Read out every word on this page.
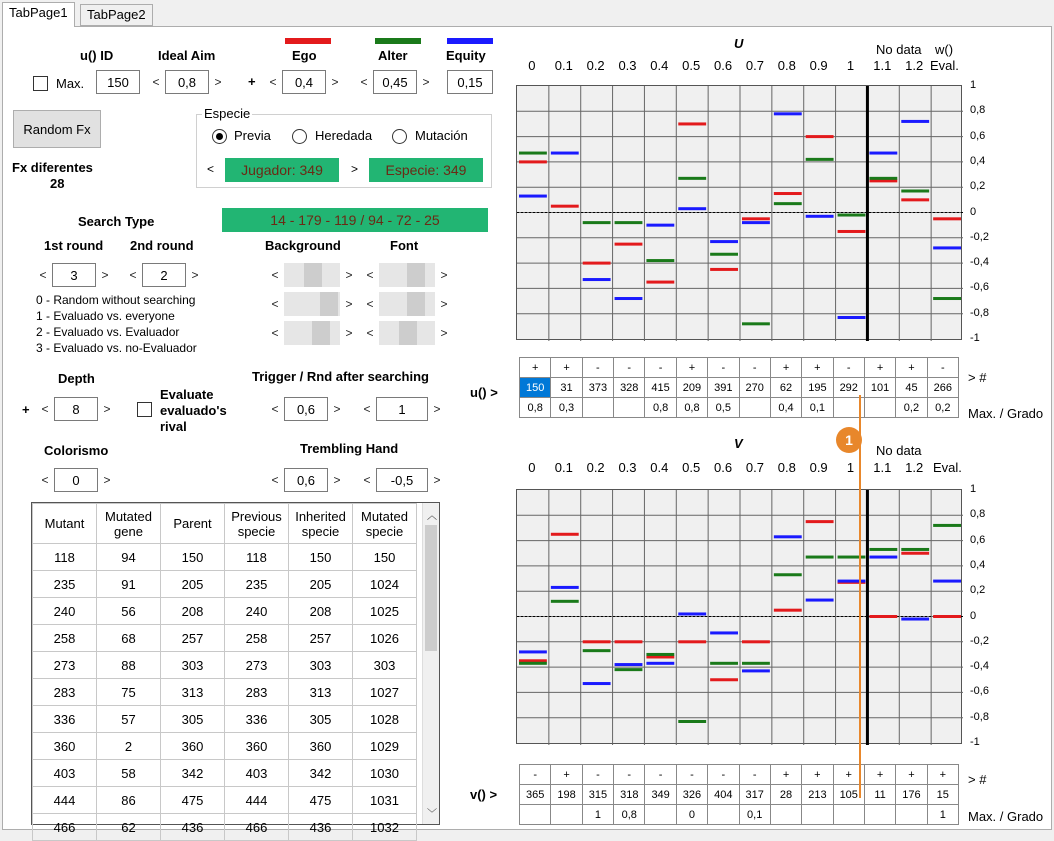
TabPage1	TabPage2
u() ID	Ideal Aim	Ego	Alter	Equity
Max.	150	<	0,8	>	+	<	0,4	>	<	0,45	>	0,15
Random Fx
Fx diferentes
28
Especie
Previa	Heredada	Mutación
<	Jugador: 349	>	Especie: 349
Search Type	14 - 179 - 119 / 94 - 72 - 25
1st round 2nd round	Background	Font
<	3	>	<	2	>
0 - Random without searching
1 - Evaluado vs. everyone
2 - Evaluado vs. Evaluador
3 - Evaluado vs. no-Evaluador
<	>
<	>
<	>
<	>
<	>
<	>
Depth	Trigger / Rnd after searching
+ <	8	>
Evaluate evaluado's rival
<	0,6	>	<	1	>
Colorismo	Trembling Hand
<	0	>	<	0,6	>	<	-0,5	>
Mutant	Mutated gene	Parent	Previous specie	Inherited specie	Mutated specie
118	94	150	118	150	150
235	91	205	235	205	1024
240	56	208	240	208	1025
258	68	257	258	257	1026
273	88	303	273	303	303
283	75	313	283	313	1027
336	57	305	336	305	1028
360	2	360	360	360	1029
403	58	342	403	342	1030
444	86	475	444	475	1031
466	62	436	466	436	1032
︿
﹀
U	No data w()
Eval.
0	0.1 0.2 0.3 0.4 0.5 0.6 0.7 0.8 0.9	1	1.1 1.2
1
0,8
0,6
0,4
0,2
0
-0,2
-0,4
-0,6
-0,8
-1
+	+	-	-	-	+	-	-	+	+	-	+	+	-
150	31	373	328	415	209	391	270	62	195	292	101	45	266
0,8	0,3			0,8	0,8	0,5		0,4	0,1			0,2	0,2
u() >
> #
Max. / Grado
V	No data
Eval.
0	0.1 0.2 0.3 0.4 0.5 0.6 0.7 0.8 0.9	1	1.1 1.2
1
0,8
0,6
0,4
0,2
0
-0,2
-0,4
-0,6
-0,8
-1
-	+	-	-	-	-	-	-	+	+	+	+	+	+
365	198	315	318	349	326	404	317	28	213	105	11	176	15
		1	0,8		0		0,1						1
v() >
> #
Max. / Grado
1
